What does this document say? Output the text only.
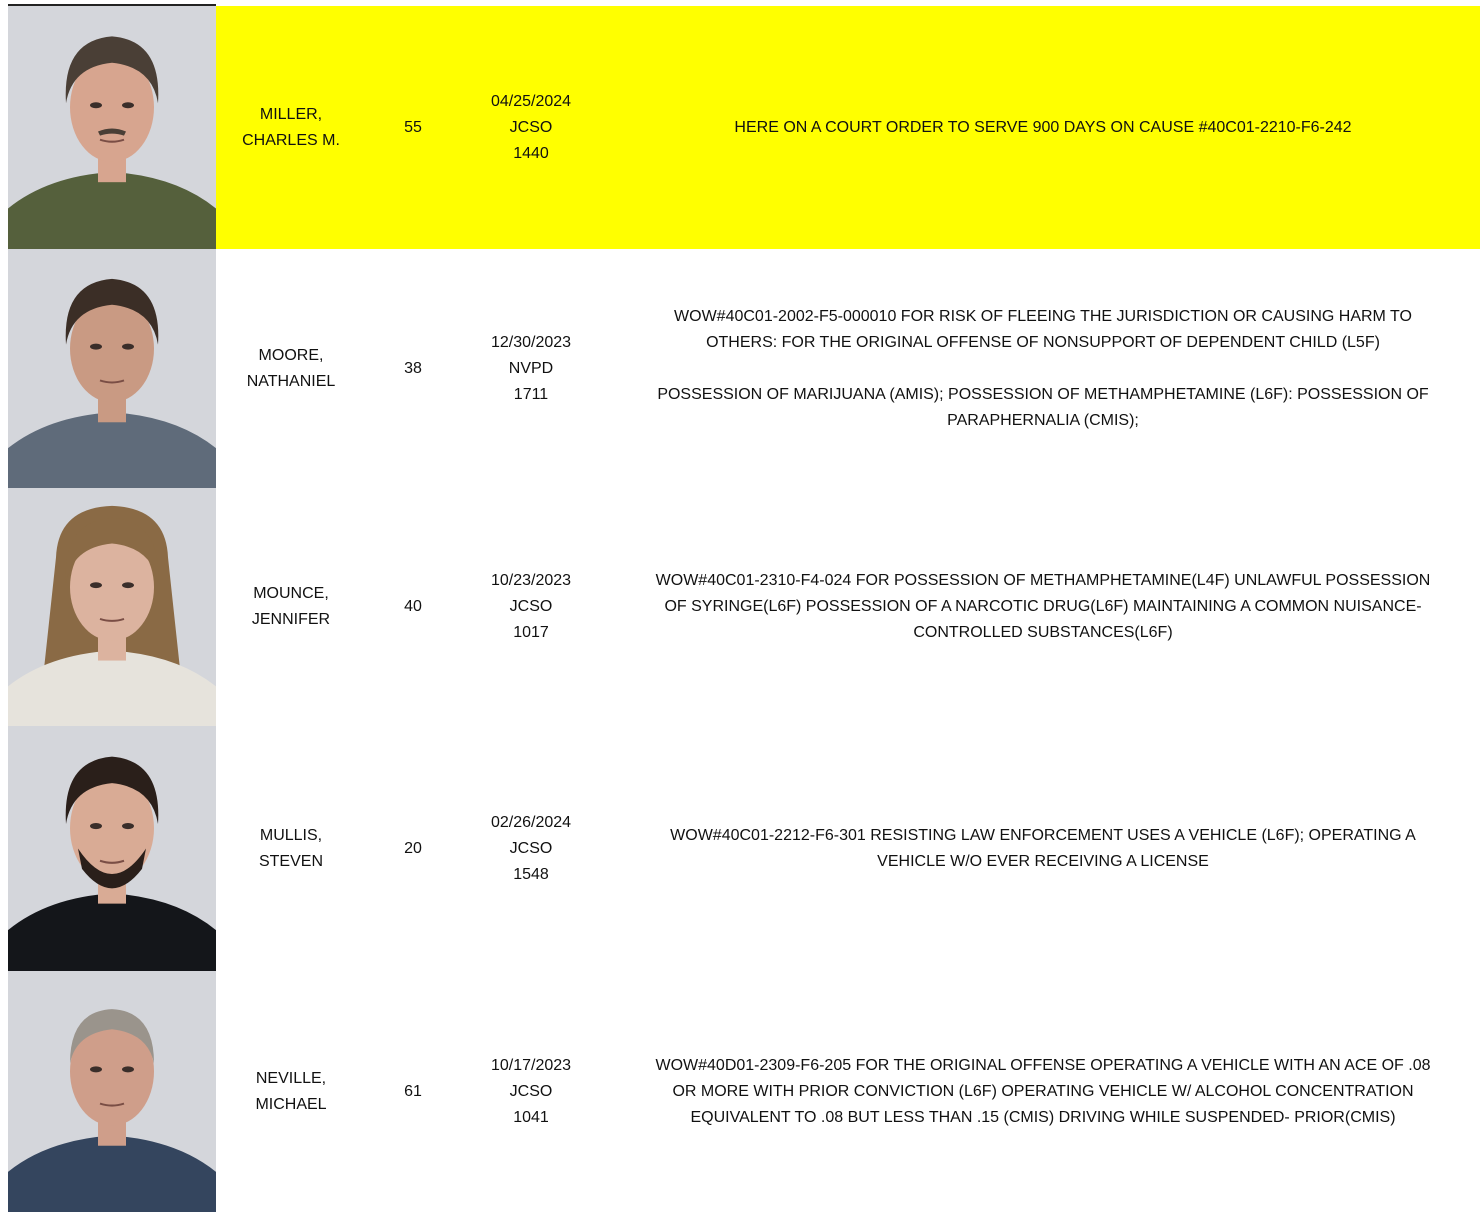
MILLER,
CHARLES M.
55
04/25/2024
JCSO
1440
HERE ON A COURT ORDER TO SERVE 900 DAYS ON CAUSE #40C01-2210-F6-242
MOORE,
NATHANIEL
38
12/30/2023
NVPD
1711
WOW#40C01-2002-F5-000010 FOR RISK OF FLEEING THE JURISDICTION OR CAUSING HARM TO
OTHERS: FOR THE ORIGINAL OFFENSE OF NONSUPPORT OF DEPENDENT CHILD (L5F)
POSSESSION OF MARIJUANA (AMIS); POSSESSION OF METHAMPHETAMINE (L6F): POSSESSION OF
PARAPHERNALIA (CMIS);
MOUNCE,
JENNIFER
40
10/23/2023
JCSO
1017
WOW#40C01-2310-F4-024 FOR POSSESSION OF METHAMPHETAMINE(L4F) UNLAWFUL POSSESSION
OF SYRINGE(L6F) POSSESSION OF A NARCOTIC DRUG(L6F) MAINTAINING A COMMON NUISANCE-
CONTROLLED SUBSTANCES(L6F)
MULLIS,
STEVEN
20
02/26/2024
JCSO
1548
WOW#40C01-2212-F6-301 RESISTING LAW ENFORCEMENT USES A VEHICLE (L6F); OPERATING A
VEHICLE W/O EVER RECEIVING A LICENSE
NEVILLE,
MICHAEL
61
10/17/2023
JCSO
1041
WOW#40D01-2309-F6-205 FOR THE ORIGINAL OFFENSE OPERATING A VEHICLE WITH AN ACE OF .08
OR MORE WITH PRIOR CONVICTION (L6F) OPERATING VEHICLE W/ ALCOHOL CONCENTRATION
EQUIVALENT TO .08 BUT LESS THAN .15 (CMIS) DRIVING WHILE SUSPENDED- PRIOR(CMIS)
